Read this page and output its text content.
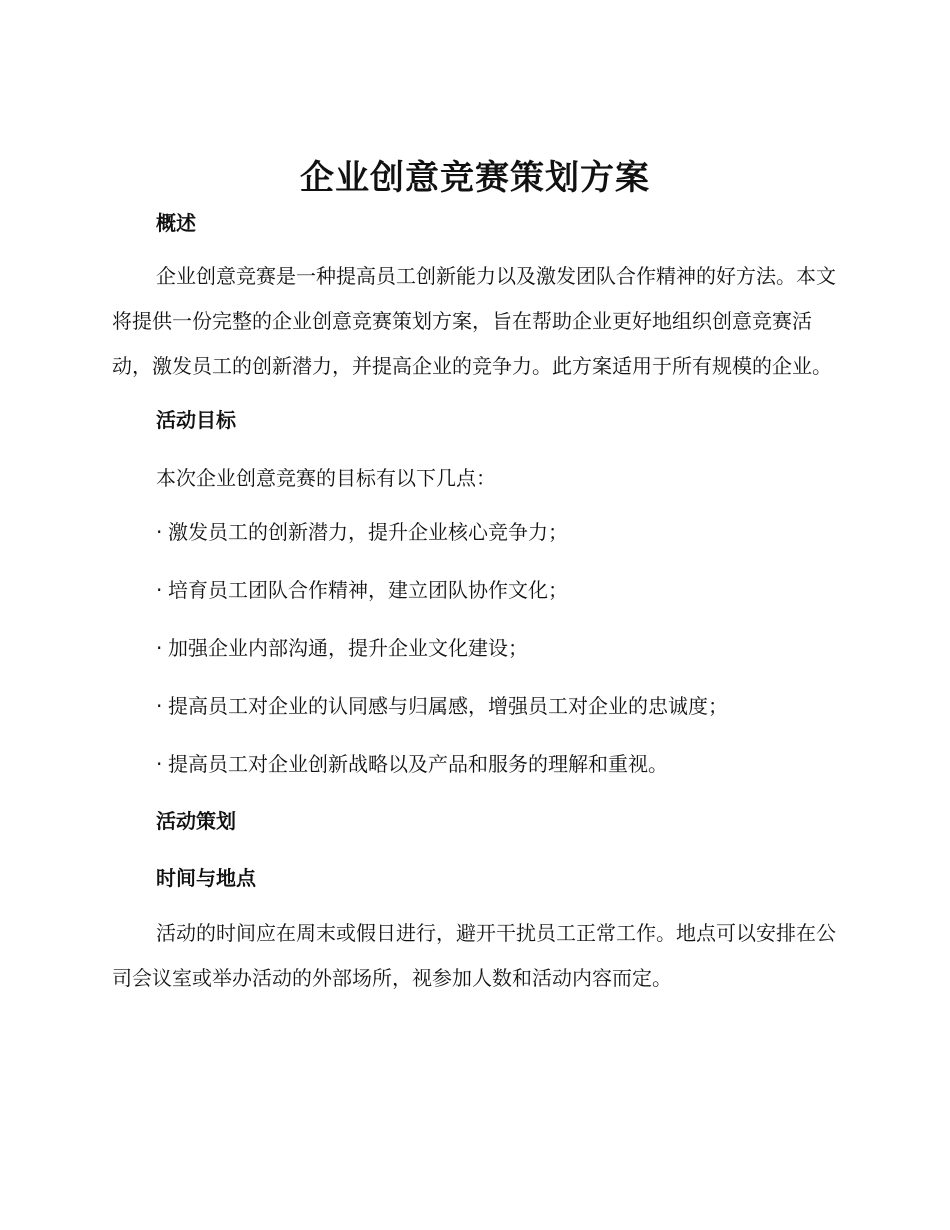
企业创意竞赛策划方案
概述

企业创意竞赛是一种提高员工创新能力以及激发团队合作精神的好方法。本文将提供一份完整的企业创意竞赛策划方案，旨在帮助企业更好地组织创意竞赛活动，激发员工的创新潜力，并提高企业的竞争力。此方案适用于所有规模的企业。

活动目标

本次企业创意竞赛的目标有以下几点：

· 激发员工的创新潜力，提升企业核心竞争力；
· 培育员工团队合作精神，建立团队协作文化；
· 加强企业内部沟通，提升企业文化建设；
· 提高员工对企业的认同感与归属感，增强员工对企业的忠诚度；
· 提高员工对企业创新战略以及产品和服务的理解和重视。
活动策划
时间与地点

活动的时间应在周末或假日进行，避开干扰员工正常工作。地点可以安排在公司会议室或举办活动的外部场所，视参加人数和活动内容而定。
